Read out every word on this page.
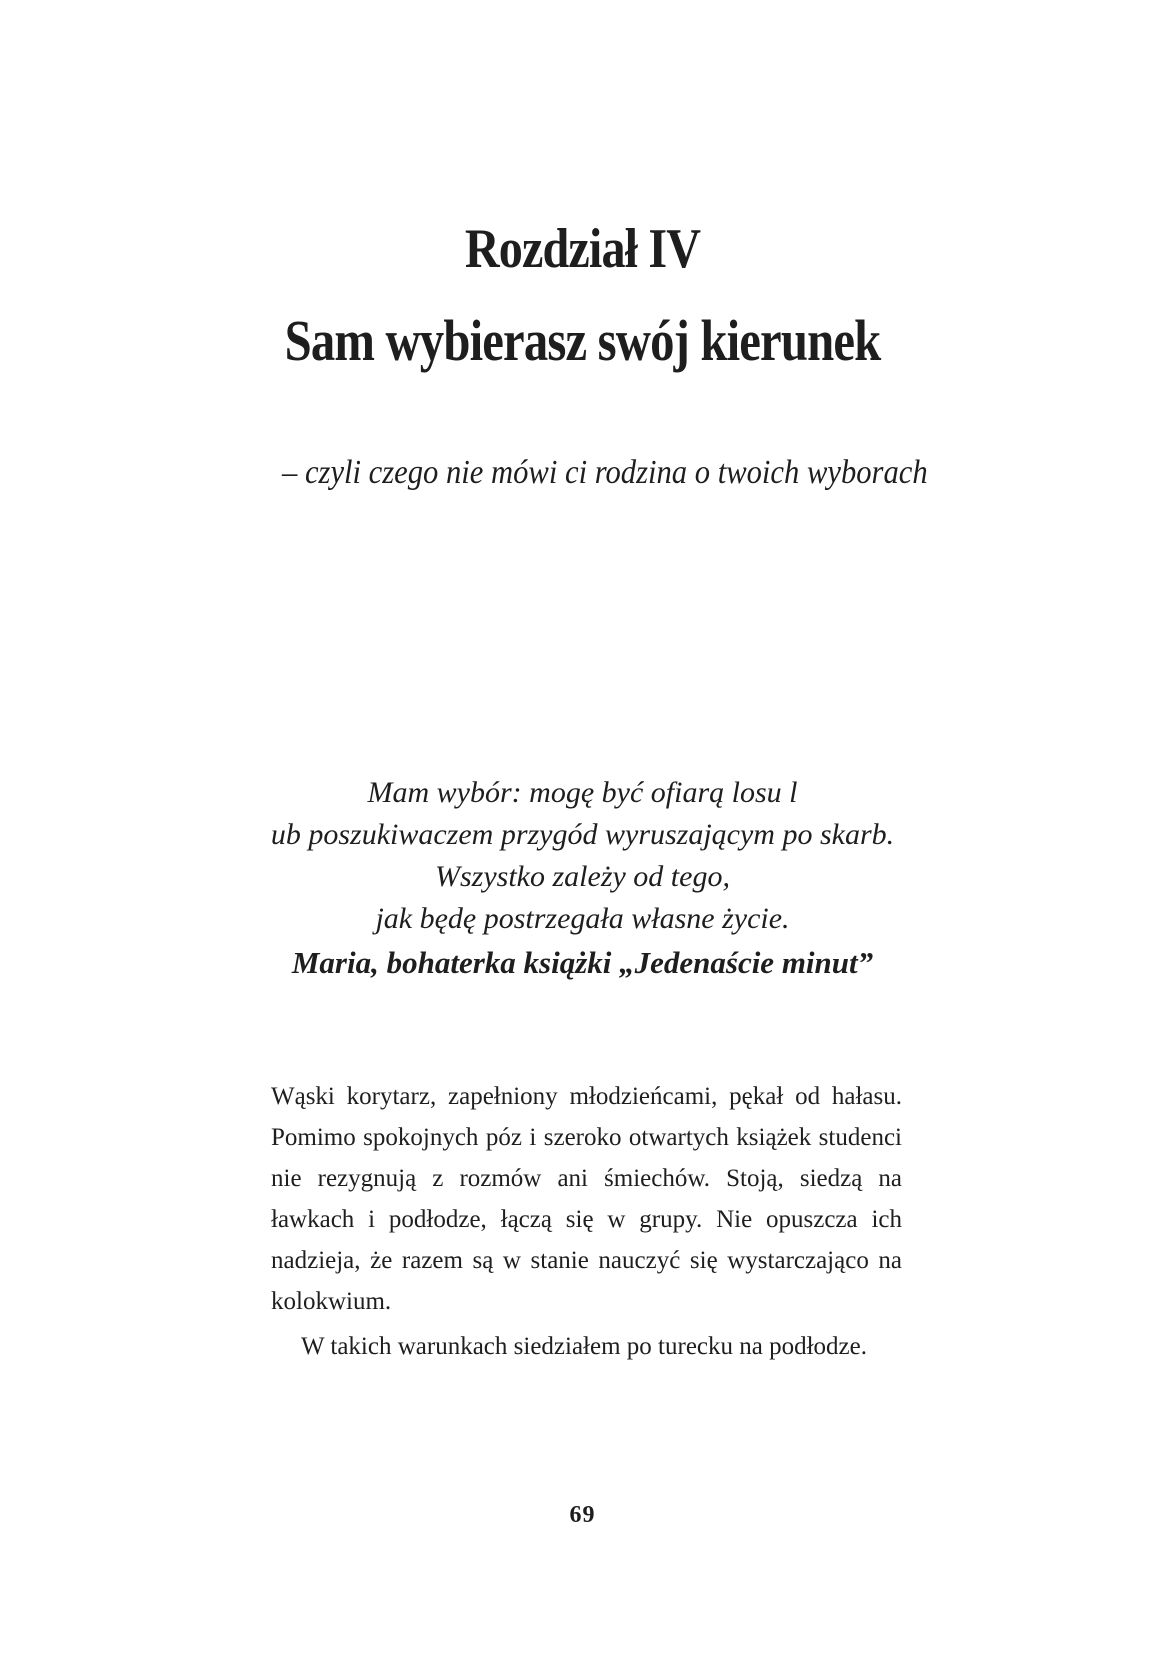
Rozdział IV
Sam wybierasz swój kierunek
– czyli czego nie mówi ci rodzina o twoich wyborach
Mam wybór: mogę być ofiarą losu l
ub poszukiwaczem przygód wyruszającym po skarb.
Wszystko zależy od tego,
jak będę postrzegała własne życie.
Maria, bohaterka książki „Jedenaście minut”

Wąski korytarz, zapełniony młodzieńcami, pękał od hałasu. Pomimo spokojnych póz i szeroko otwartych książek studenci nie rezygnują z rozmów ani śmiechów. Stoją, siedzą na ławkach i podłodze, łączą się w grupy. Nie opuszcza ich nadzieja, że razem są w stanie nauczyć się wystarczająco na kolokwium.

W takich warunkach siedziałem po turecku na podłodze.

69
